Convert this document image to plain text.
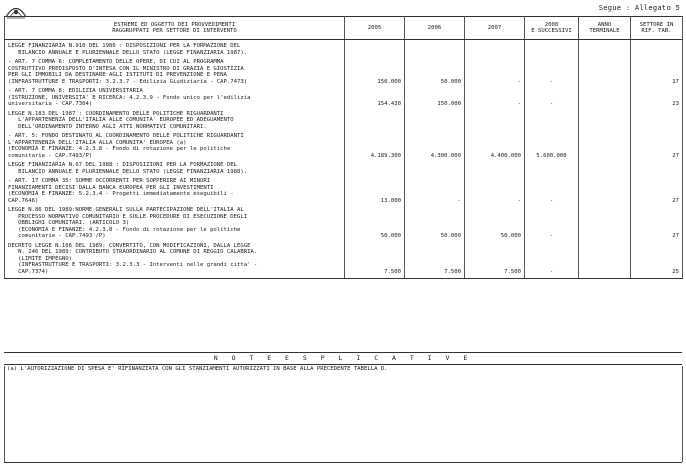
Segue : Allegato 5
ESTREMI ED OGGETTO DEI PROVVEDIMENTI
RAGGRUPPATI PER SETTORE DI INTERVENTO	2005	2006	2007	2008
E SUCCESSIVI	ANNO
TERMINALE	SETTORE IN
RIF. TAB.

LEGGE FINANZIARIA N.910 DEL 1986 : DISPOSIZIONI PER LA FORMAZIONE DEL
BILANCIO ANNUALE E PLURIENNALE DELLO STATO (LEGGE FINANZIARIA 1987).						

- ART. 7 COMMA 6: COMPLETAMENTO DELLE OPERE, DI CUI AL PROGRAMMA
COSTRUTTIVO PREDISPOSTO D'INTESA CON IL MINISTRO DI GRAZIA E GIUSTIZIA
PER GLI IMMOBILI DA DESTINARE AGLI ISTITUTI DI PREVENZIONE E PENA
(INFRASTRUTTURE E TRASPORTI: 3.2.3.7 - Edilizia Giudiziaria - CAP.7473)	150.000	50.000	-	-		17

- ART. 7 COMMA 8: EDILIZIA UNIVERSITARIA
(ISTRUZIONE, UNIVERSITA' E RICERCA: 4.2.3.9 - Fondo unico per l'edilizia
universitaria - CAP.7304)	154.430	150.000	-	-		23

LEGGE N.183 DEL 1987 : COORDINAMENTO DELLE POLITICHE RIGUARDANTI
L'APPARTENENZA DELL'ITALIA ALLE COMUNITA' EUROPEE ED ADEGUAMENTO
DELL'ORDINAMENTO INTERNO AGLI ATTI NORMATIVI COMUNITARI.						

- ART. 5: FONDO DESTINATO AL COORDINAMENTO DELLE POLITICHE RIGUARDANTI
L'APPARTENENZA DELL'ITALIA ALLA COMUNITA' EUROPEA (a)
(ECONOMIA E FINANZE: 4.2.3.8 - Fondo di rotazione per le politiche
comunitarie - CAP.7493/P)	4.189.300	4.300.000	4.400.000	5.600.000		27

LEGGE FINANZIARIA N.67 DEL 1988 : DISPOSIZIONI PER LA FORMAZIONE DEL
BILANCIO ANNUALE E PLURIENNALE DELLO STATO (LEGGE FINANZIARIA 1988).						

- ART. 17 COMMA 35: SOMME OCCORRENTI PER SOPPERIRE AI MINORI
FINANZIAMENTI DECISI DALLA BANCA EUROPEA PER GLI INVESTIMENTI
(ECONOMIA E FINANZE: 5.2.3.4 - Progetti immediatamente eseguibili -
CAP.7646)	13.000	-	-	-		27

LEGGE N.86 DEL 1989:NORME GENERALI SULLA PARTECIPAZIONE DELL'ITALIA AL
PROCESSO NORMATIVO COMUNITARIO E SULLE PROCEDURE DI ESECUZIONE DEGLI
OBBLIGHI COMUNITARI. (ARTICOLO 3)
(ECONOMIA E FINANZE: 4.2.3.8 - Fondo di rotazione per le politiche
comunitarie - CAP.7493 /P)	50.000	50.000	50.000	-		27

DECRETO LEGGE N.166 DEL 1989: CONVERTITO, CON MODIFICAZIONI, DALLA LEGGE
N. 246 DEL 1989: CONTRIBUTO STRAORDINARIO AL COMUNE DI REGGIO CALABRIA.
(LIMITE IMPEGNO)
(INFRASTRUTTURE E TRASPORTI: 3.2.3.3 - Interventi nelle grandi citta' -
CAP.7374)	7.500	7.500	7.500	-		25

N O T E E S P L I C A T I V E
(a) L'AUTORIZZAZIONE DI SPESA E' RIFINANZIATA CON GLI STANZIAMENTI AUTORIZZATI IN BASE ALLA PRECEDENTE TABELLA D.
